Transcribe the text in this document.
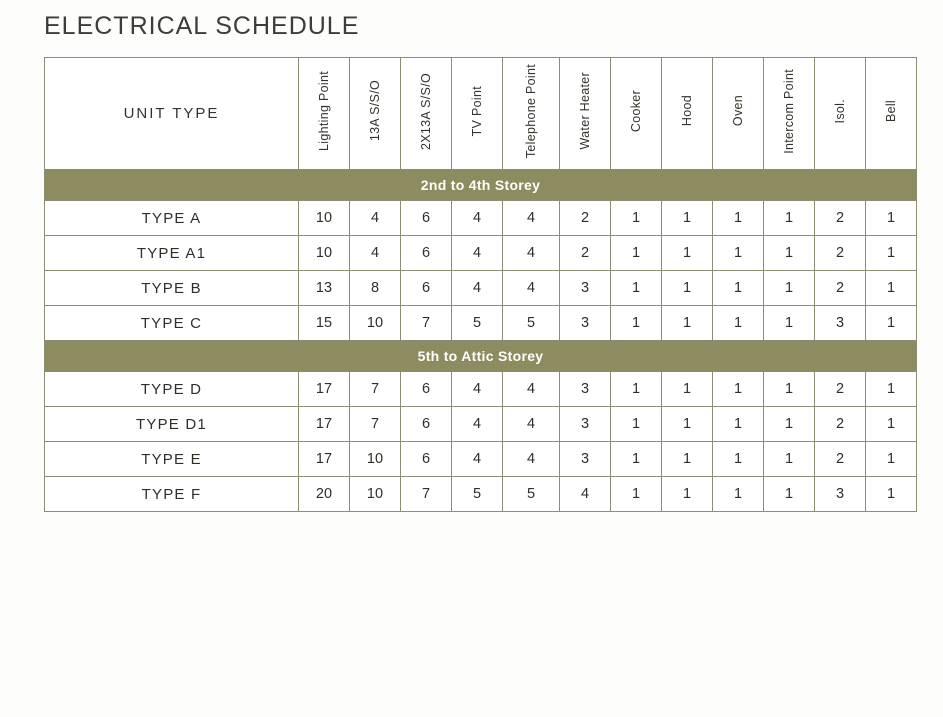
ELECTRICAL SCHEDULE
UNIT TYPE	Lighting Point	13A S/S/O	2X13A S/S/O	TV Point	Telephone Point	Water Heater	Cooker	Hood	Oven	Intercom Point	Isol.	Bell
2nd to 4th Storey												
TYPE A	10	4	6	4	4	2	1	1	1	1	2	1
TYPE A1	10	4	6	4	4	2	1	1	1	1	2	1
TYPE B	13	8	6	4	4	3	1	1	1	1	2	1
TYPE C	15	10	7	5	5	3	1	1	1	1	3	1
5th to Attic Storey												
TYPE D	17	7	6	4	4	3	1	1	1	1	2	1
TYPE D1	17	7	6	4	4	3	1	1	1	1	2	1
TYPE E	17	10	6	4	4	3	1	1	1	1	2	1
TYPE F	20	10	7	5	5	4	1	1	1	1	3	1
